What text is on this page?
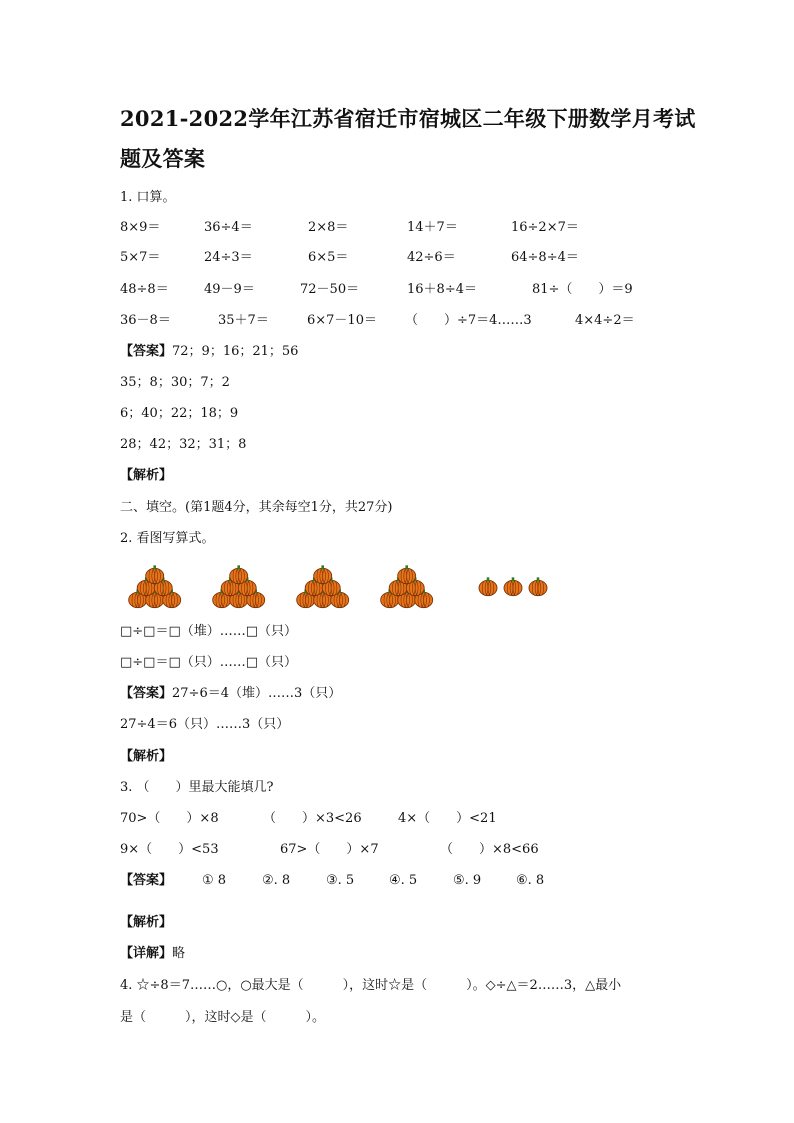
2021-2022学年江苏省宿迁市宿城区二年级下册数学月考试
题及答案
1. 口算。
8×9＝	36÷4＝	2×8＝	14＋7＝	16÷2×7＝
5×7＝	24÷3＝	6×5＝	42÷6＝	64÷8÷4＝
48÷8＝	49－9＝	72－50＝	16＋8÷4＝	81÷（　　）＝9
36－8＝	35＋7＝	6×7－10＝ （　　）÷7＝4……3	4×4÷2＝
【答案】72；9；16；21；56
35；8；30；7；2
6；40；22；18；9
28；42；32；31；8
【解析】
二、填空。(第1题4分，其余每空1分，共27分)
2. 看图写算式。
□÷□＝□（堆）……□（只）
□÷□＝□（只）……□（只）
【答案】27÷6＝4（堆）……3（只）
27÷4＝6（只）……3（只）
【解析】
3. （　　）里最大能填几?
70>（　　）×8	（　　）×3<26	4×（　　）<21
9×（　　）<53	67>（　　）×7	（　　）×8<66
【答案】 ① 8	②. 8	③. 5	④. 5	⑤. 9	⑥. 8
【解析】
【详解】略
4. ☆÷8＝7……○，○最大是（　　　），这时☆是（　　　）。◇÷△＝2……3，△最小
是（　　　），这时◇是（　　　）。
